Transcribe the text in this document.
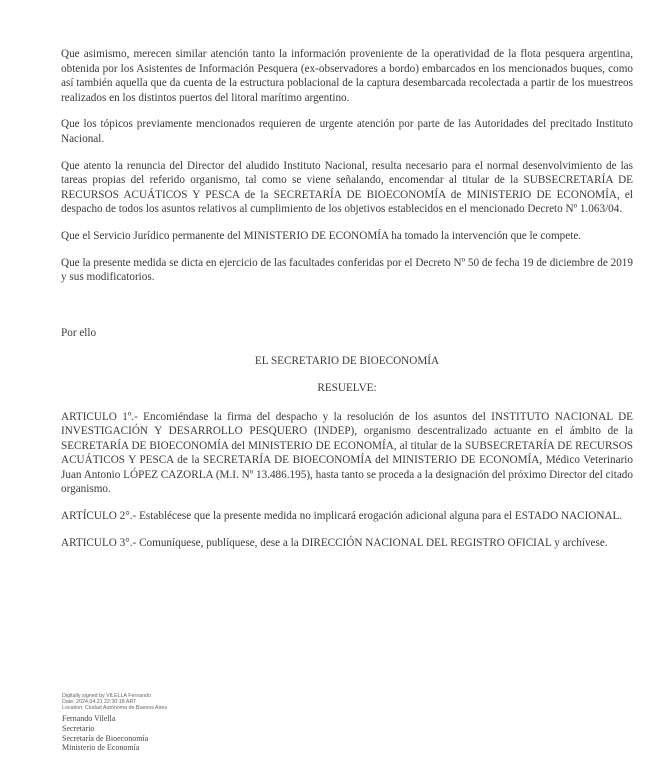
Que asimismo, merecen similar atención tanto la información proveniente de la operatividad de la flota pesquera argentina, obtenida por los Asistentes de Información Pesquera (ex-observadores a bordo) embarcados en los mencionados buques, como así también aquella que da cuenta de la estructura poblacional de la captura desembarcada recolectada a partir de los muestreos realizados en los distintos puertos del litoral marítimo argentino.

Que los tópicos previamente mencionados requieren de urgente atención por parte de las Autoridades del precitado Instituto Nacional.

Que atento la renuncia del Director del aludido Instituto Nacional, resulta necesario para el normal desenvolvimiento de las tareas propias del referido organismo, tal como se viene señalando, encomendar al titular de la SUBSECRETARÍA DE RECURSOS ACUÁTICOS Y PESCA de la SECRETARÍA DE BIOECONOMÍA de MINISTERIO DE ECONOMÍA, el despacho de todos los asuntos relativos al cumplimiento de los objetivos establecidos en el mencionado Decreto Nº 1.063/04.

Que el Servicio Jurídico permanente del MINISTERIO DE ECONOMÍA ha tomado la intervención que le compete.

Que la presente medida se dicta en ejercicio de las facultades conferidas por el Decreto Nº 50 de fecha 19 de diciembre de 2019 y sus modificatorios.

Por ello

EL SECRETARIO DE BIOECONOMÍA

RESUELVE:

ARTICULO 1º.- Encomiéndase la firma del despacho y la resolución de los asuntos del INSTITUTO NACIONAL DE INVESTIGACIÓN Y DESARROLLO PESQUERO (INDEP), organismo descentralizado actuante en el ámbito de la SECRETARÍA DE BIOECONOMÍA del MINISTERIO DE ECONOMÍA, al titular de la SUBSECRETARÍA DE RECURSOS ACUÁTICOS Y PESCA de la SECRETARÍA DE BIOECONOMÍA del MINISTERIO DE ECONOMÍA, Médico Veterinario Juan Antonio LÓPEZ CAZORLA (M.I. Nº 13.486.195), hasta tanto se proceda a la designación del próximo Director del citado organismo.

ARTÍCULO 2°.- Establécese que la presente medida no implicará erogación adicional alguna para el ESTADO NACIONAL.

ARTICULO 3°.- Comuníquese, publíquese, dese a la DIRECCIÓN NACIONAL DEL REGISTRO OFICIAL y archívese.

Digitally signed by VILELLA Fernando
Date: 2024.04.21 22:30:18 ART
Location: Ciudad Autónoma de Buenos Aires
Fernando Vilella
Secretario
Secretaría de Bioeconomía
Ministerio de Economía
